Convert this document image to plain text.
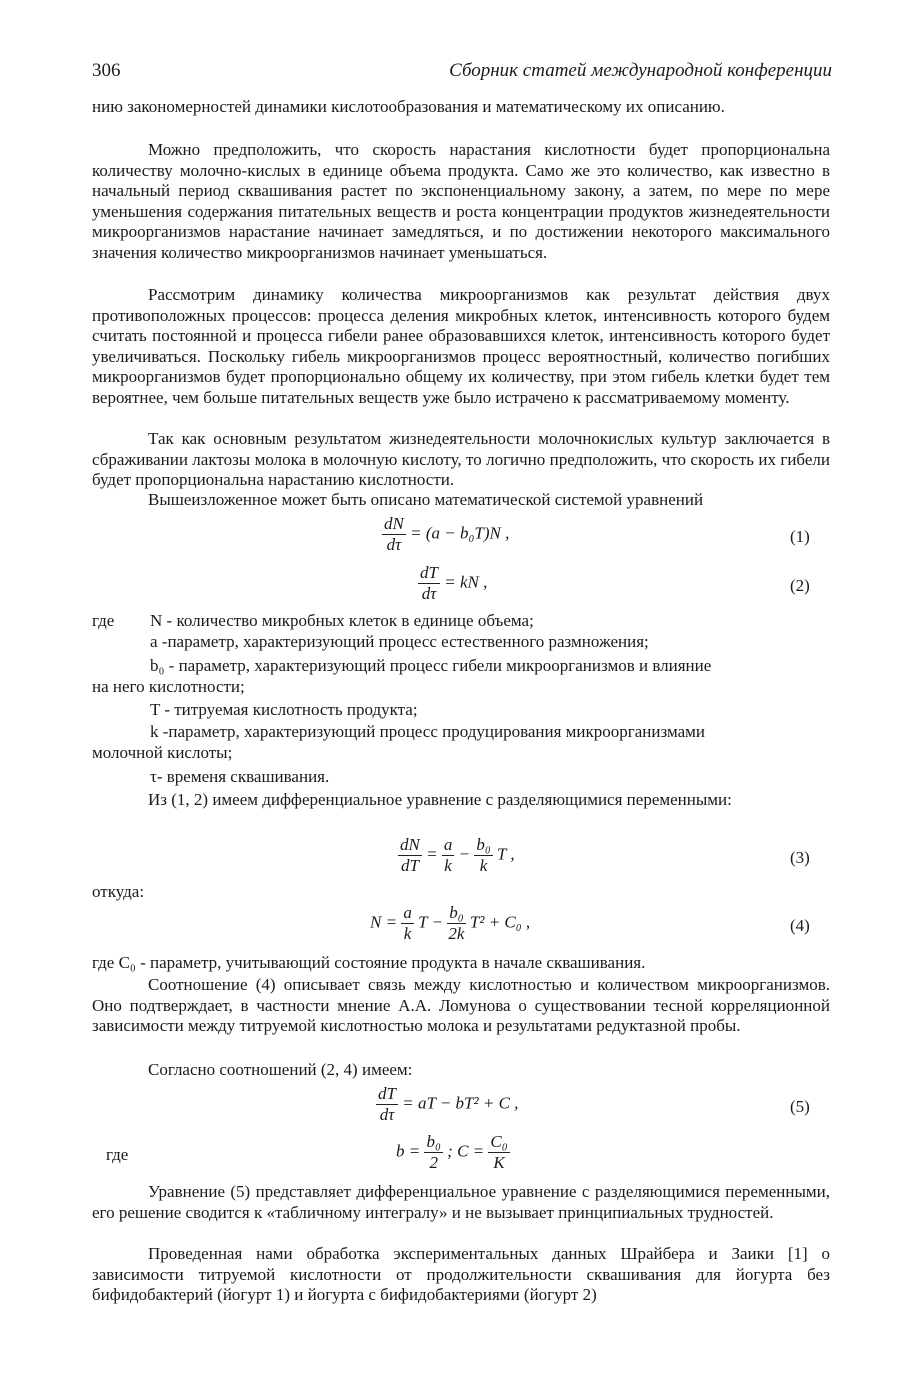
306	Сборник статей международной конференции

нию закономерностей динамики кислотообразования и математическому их описанию.

Можно предположить, что скорость нарастания кислотности будет пропорциональна количеству молочно-кислых в единице объема продукта. Само же это количество, как известно в начальный период сквашивания растет по экспоненциальному закону, а затем, по мере по мере уменьшения содержания питательных веществ и роста концентрации продуктов жизнедеятельности микроорганизмов нарастание начинает замедляться, и по достижении некоторого максимального значения количество микроорганизмов начинает уменьшаться.

Рассмотрим динамику количества микроорганизмов как результат действия двух противоположных процессов: процесса деления микробных клеток, интенсивность которого будем считать постоянной и процесса гибели ранее образовавшихся клеток, интенсивность которого будет увеличиваться. Поскольку гибель микроорганизмов процесс вероятностный, количество погибших микроорганизмов будет пропорционально общему их количеству, при этом гибель клетки будет тем вероятнее, чем больше питательных веществ уже было истрачено к рассматриваемому моменту.

Так как основным результатом жизнедеятельности молочнокислых культур заключается в сбраживании лактозы молока в молочную кислоту, то логично предположить, что скорость их гибели будет пропорциональна нарастанию кислотности.

Вышеизложенное может быть описано математической системой уравнений

$\frac{dN}{d\tau} = (a - b_0T)N$ ,	(1)
$\frac{dT}{d\tau}$ = kN ,	(2)
где N - количество микробных клеток в единице объема;
a -параметр, характеризующий процесс естественного размножения;
b₀ - параметр, характеризующий процесс гибели микроорганизмов и влияние
на него кислотности;
T - титруемая кислотность продукта;
k -параметр, характеризующий процесс продуцирования микроорганизмами
молочной кислоты;
τ- временя сквашивания.

Из (1, 2) имеем дифференциальное уравнение с разделяющимися переменными:

$\frac{dN}{dT} = \frac{a}{k} - \frac{\text{b₀}}{k}$ T ,	(3)
откуда:
$N = \frac{a}{k}$ $T - \frac{\text{b₀}}{2k} T^2 + C_0$ ,	(4)

где C₀ - параметр, учитывающий состояние продукта в начале сквашивания.

Соотношение (4) описывает связь между кислотностью и количеством микроорганизмов. Оно подтверждает, в частности мнение А.А. Ломунова о существовании тесной корреляционной зависимости между титруемой кислотностью молока и результатами редуктазной пробы.

Согласно соотношений (2, 4) имеем:

$\frac{dT}{d\tau}$ = aT − bT² + C ,	(5)
где	$b = \frac{\text{b₀}}{2}$ ; $C = \frac{\text{C₀}}{K}$

Уравнение (5) представляет дифференциальное уравнение с разделяющимися переменными, его решение сводится к «табличному интегралу» и не вызывает принципиальных трудностей.

Проведенная нами обработка экспериментальных данных Шрайбера и Заики [1] о зависимости титруемой кислотности от продолжительности сквашивания для йогурта без бифидобактерий (йогурт 1) и йогурта с бифидобактериями (йогурт 2)
